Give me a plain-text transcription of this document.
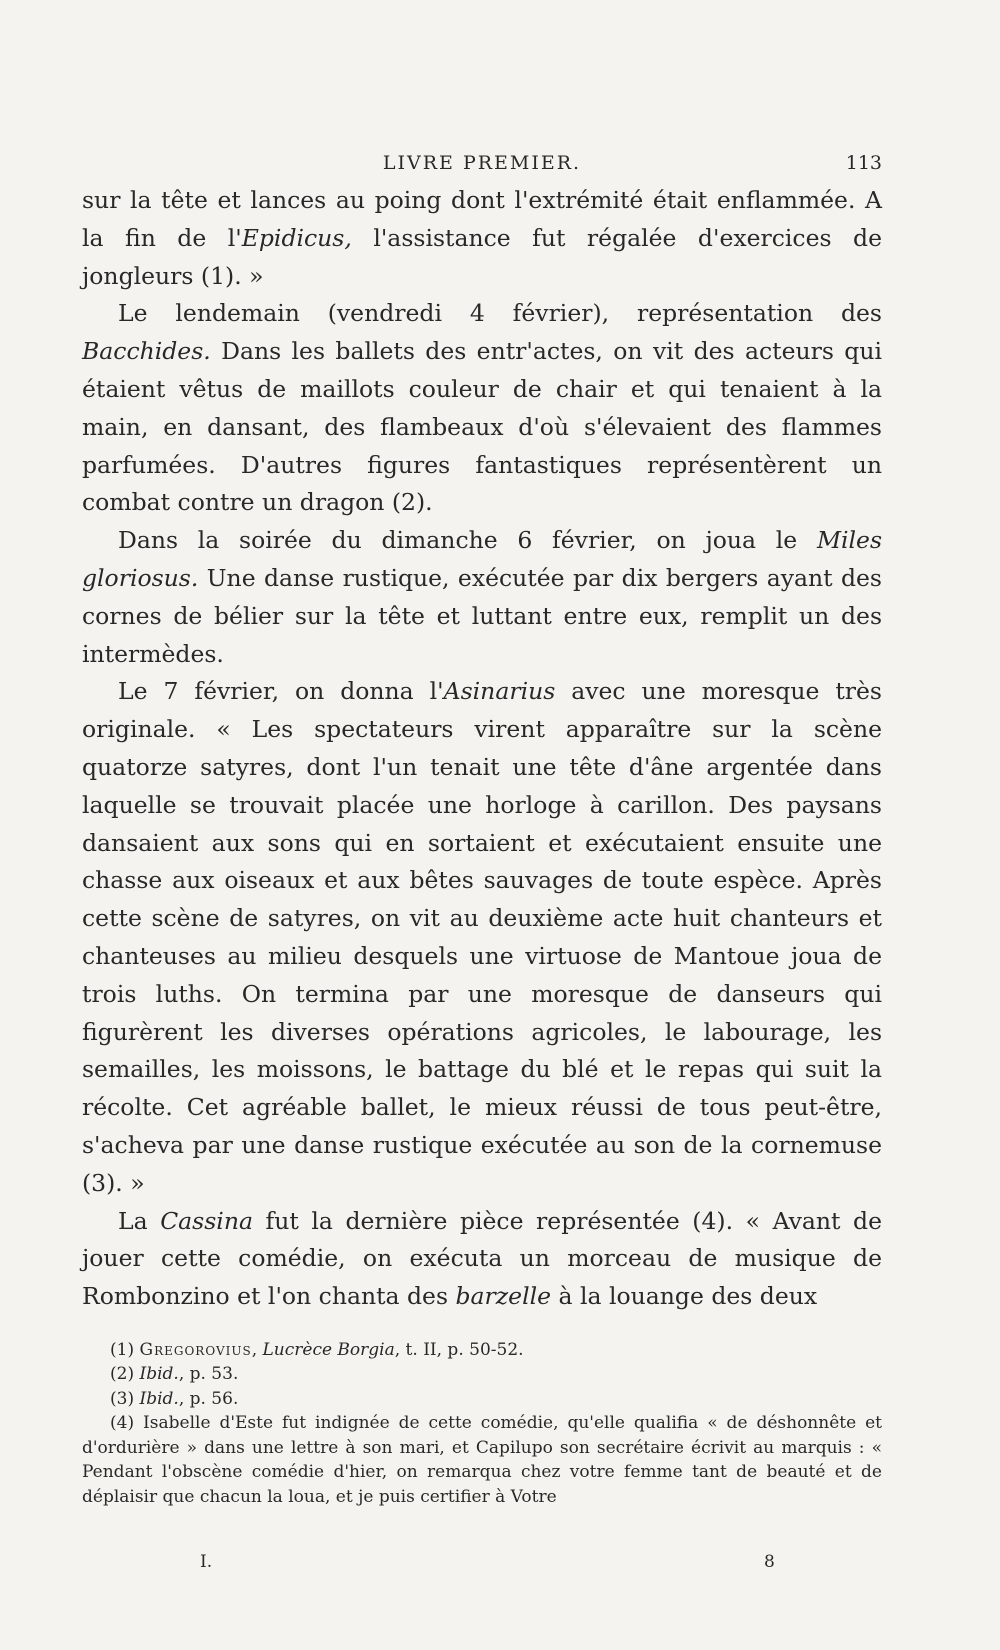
LIVRE PREMIER.	113

sur la tête et lances au poing dont l'extrémité était enflammée. A la fin de l'Epidicus, l'assistance fut régalée d'exercices de jongleurs (1). »

Le lendemain (vendredi 4 février), représentation des Bacchides. Dans les ballets des entr'actes, on vit des acteurs qui étaient vêtus de maillots couleur de chair et qui tenaient à la main, en dansant, des flambeaux d'où s'élevaient des flammes parfumées. D'autres figures fantastiques représentèrent un combat contre un dragon (2).

Dans la soirée du dimanche 6 février, on joua le Miles gloriosus. Une danse rustique, exécutée par dix bergers ayant des cornes de bélier sur la tête et luttant entre eux, remplit un des intermèdes.

Le 7 février, on donna l'Asinarius avec une moresque très originale. « Les spectateurs virent apparaître sur la scène quatorze satyres, dont l'un tenait une tête d'âne argentée dans laquelle se trouvait placée une horloge à carillon. Des paysans dansaient aux sons qui en sortaient et exécutaient ensuite une chasse aux oiseaux et aux bêtes sauvages de toute espèce. Après cette scène de satyres, on vit au deuxième acte huit chanteurs et chanteuses au milieu desquels une virtuose de Mantoue joua de trois luths. On termina par une moresque de danseurs qui figurèrent les diverses opérations agricoles, le labourage, les semailles, les moissons, le battage du blé et le repas qui suit la récolte. Cet agréable ballet, le mieux réussi de tous peut-être, s'acheva par une danse rustique exécutée au son de la cornemuse (3). »

La Cassina fut la dernière pièce représentée (4). « Avant de jouer cette comédie, on exécuta un morceau de musique de Rombonzino et l'on chanta des barzelle à la louange des deux

(1) Gregorovius, Lucrèce Borgia, t. II, p. 50-52.

(2) Ibid., p. 53.

(3) Ibid., p. 56.

(4) Isabelle d'Este fut indignée de cette comédie, qu'elle qualifia « de déshonnête et d'ordurière » dans une lettre à son mari, et Capilupo son secrétaire écrivit au marquis : « Pendant l'obscène comédie d'hier, on remarqua chez votre femme tant de beauté et de déplaisir que chacun la loua, et je puis certifier à Votre

I.	8
